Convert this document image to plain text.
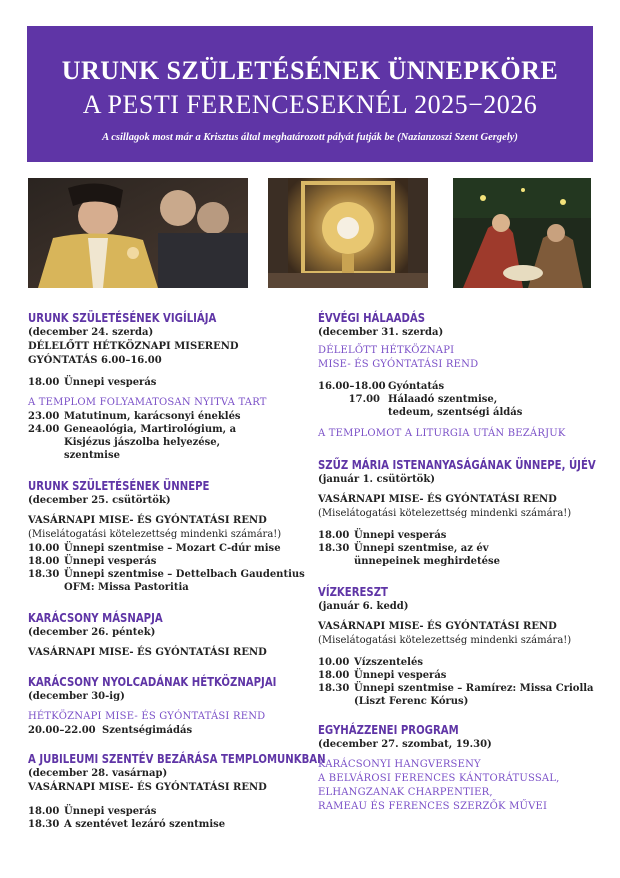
URUNK SZÜLETÉSÉNEK ÜNNEPKÖRE
A PESTI FERENCESEKNÉL 2025−2026
A csillagok most már a Krisztus által meghatározott pályát futják be (Nazianzoszi Szent Gergely)

URUNK SZÜLETÉSÉNEK VIGÍLIÁJA

(december 24. szerda)

DÉLELŐTT HÉTKÖZNAPI MISEREND

GYÓNTATÁS 6.00–16.00

18.00 Ünnepi vesperás

A TEMPLOM FOLYAMATOSAN NYITVA TART

23.00 Matutinum, karácsonyi éneklés
24.00 Geneaológia, Martirológium, a Kisjézus jászolba helyezése, szentmise

URUNK SZÜLETÉSÉNEK ÜNNEPE

(december 25. csütörtök)

VASÁRNAPI MISE- ÉS GYÓNTATÁSI REND

(Miselátogatási kötelezettség mindenki számára!)

10.00 Ünnepi szentmise – Mozart C-dúr mise
18.00 Ünnepi vesperás
18.30 Ünnepi szentmise – Dettelbach Gaudentius OFM: Missa Pastoritia

KARÁCSONY MÁSNAPJA

(december 26. péntek)

VASÁRNAPI MISE- ÉS GYÓNTATÁSI REND

KARÁCSONY NYOLCADÁNAK HÉTKÖZNAPJAI

(december 30-ig)

HÉTKÖZNAPI MISE- ÉS GYÓNTATÁSI REND

20.00–22.00 Szentségimádás

A JUBILEUMI SZENTÉV BEZÁRÁSA TEMPLOMUNKBAN

(december 28. vasárnap)

VASÁRNAPI MISE- ÉS GYÓNTATÁSI REND

18.00 Ünnepi vesperás
18.30 A szentévet lezáró szentmise

ÉVVÉGI HÁLAADÁS

(december 31. szerda)

DÉLELŐTT HÉTKÖZNAPI

MISE- ÉS GYÓNTATÁSI REND

16.00–18.00 Gyóntatás
17.00 Hálaadó szentmise, tedeum, szentségi áldás

A TEMPLOMOT A LITURGIA UTÁN BEZÁRJUK

SZŰZ MÁRIA ISTENANYASÁGÁNAK ÜNNEPE, ÚJÉV

(január 1. csütörtök)

VASÁRNAPI MISE- ÉS GYÓNTATÁSI REND

(Miselátogatási kötelezettség mindenki számára!)

18.00 Ünnepi vesperás
18.30 Ünnepi szentmise, az év ünnepeinek meghirdetése

VÍZKERESZT

(január 6. kedd)

VASÁRNAPI MISE- ÉS GYÓNTATÁSI REND

(Miselátogatási kötelezettség mindenki számára!)

10.00 Vízszentelés
18.00 Ünnepi vesperás
18.30 Ünnepi szentmise – Ramírez: Missa Criolla (Liszt Ferenc Kórus)

EGYHÁZZENEI PROGRAM

(december 27. szombat, 19.30)

KARÁCSONYI HANGVERSENY

A BELVÁROSI FERENCES KÁNTORÁTUSSAL,

ELHANGZANAK CHARPENTIER,

RAMEAU ÉS FERENCES SZERZŐK MŰVEI
